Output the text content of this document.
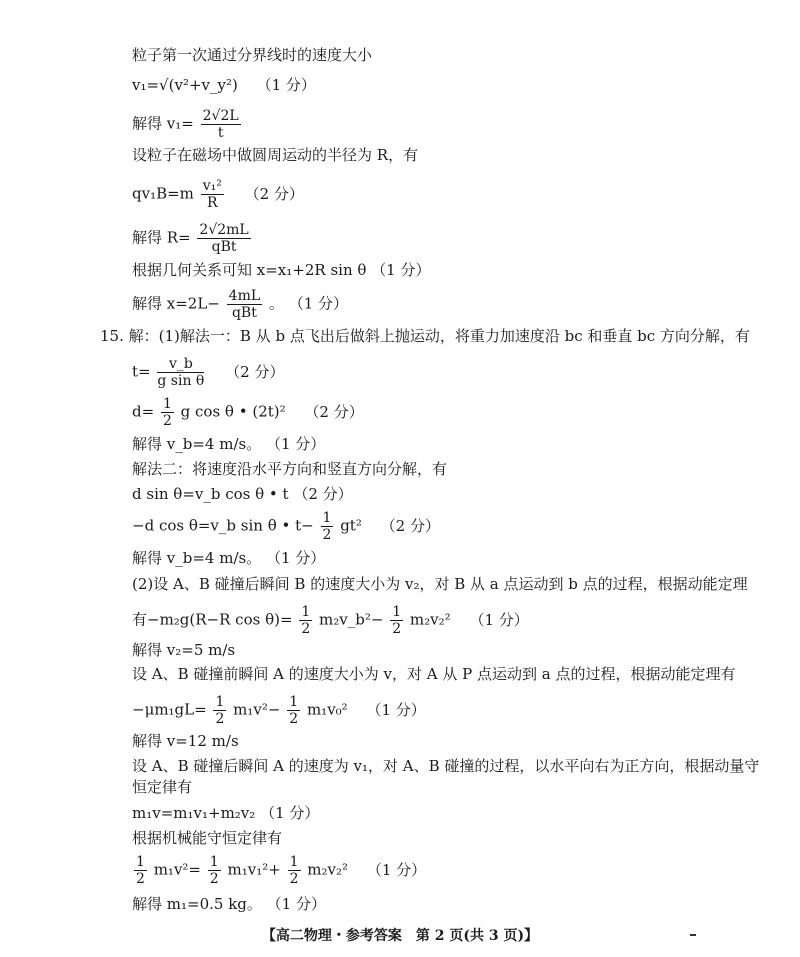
粒子第一次通过分界线时的速度大小
v₁=√(v²+v_y²) （1 分）
解得 $v_1= \frac{2√2L}{t}$
设粒子在磁场中做圆周运动的半径为 R，有
$qv_1B=m \frac{\text{v₁²}}{R} (2$ 分）
解得 $R= \frac{2√2mL}{\text{qBt}}$
根据几何关系可知 x=x₁+2R sin θ （1 分）
解得 $x=2L- \frac{4mL}{\text{qBt}}$ 。 （1 分）
15. 解：(1)解法一：B 从 b 点飞出后做斜上抛运动，将重力加速度沿 bc 和垂直 bc 方向分解，有
$t= \frac{v\_b}{\text{g sin θ}} (2$ 分）
$d= \frac{1}{2}$ g cos θ • (2t)² （2 分）
解得 v_b=4 m/s。 （1 分）
解法二：将速度沿水平方向和竖直方向分解，有
d sin θ=v_b cos θ • t （2 分）
−d cos θ=v_b sin θ • $t- \frac{1}{2} gt^2$ （2 分）
解得 v_b=4 m/s。 （1 分）
(2)设 A、B 碰撞后瞬间 B 的速度大小为 v₂，对 B 从 a 点运动到 b 点的过程，根据动能定理
有−m₂g(R−R $\cos \theta)= \frac{1}{2}$ m₂v_b²− $\frac{1}{2} m_2v_2^2$ （1 分）
解得 v₂=5 m/s
设 A、B 碰撞前瞬间 A 的速度大小为 v，对 A 从 P 点运动到 a 点的过程，根据动能定理有
$-\mu m_1gL= \frac{1}{2} m_1v^2- \frac{1}{2} m_1v_0^2$ （1 分）
解得 v=12 m/s
设 A、B 碰撞后瞬间 A 的速度为 v₁，对 A、B 碰撞的过程，以水平向右为正方向，根据动量守
恒定律有
m₁v=m₁v₁+m₂v₂ （1 分）
根据机械能守恒定律有
$\frac{1}{2} m_1v^2= \frac{1}{2} m_1v_1^2+ \frac{1}{2} m_2v_2^2$ （1 分）
解得 m₁=0.5 kg。 （1 分）
【高二物理・参考答案　第 2 页(共 3 页)】
